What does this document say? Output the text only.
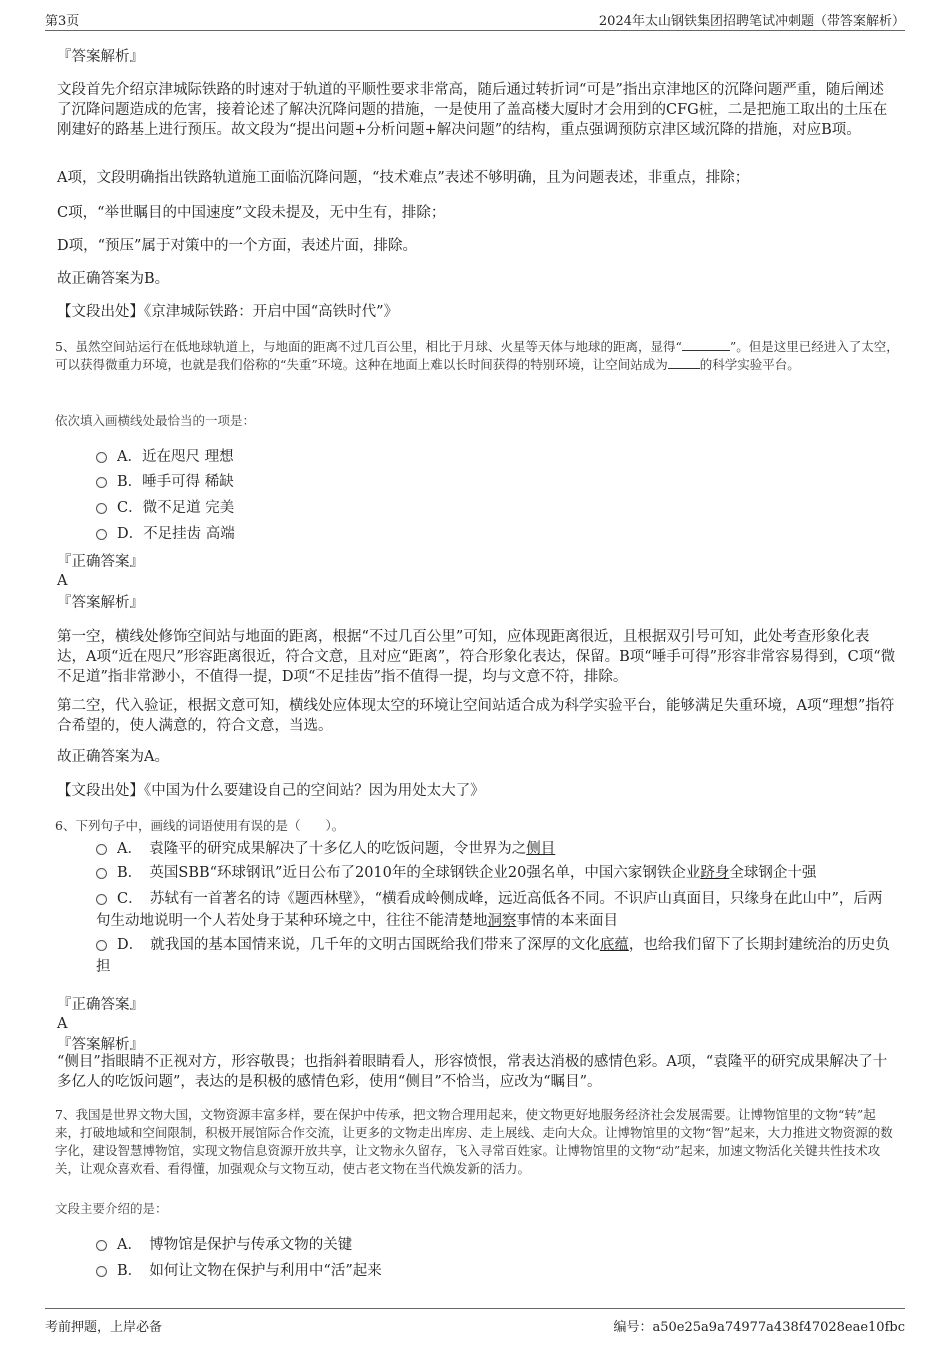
第3页	2024年太山钢铁集团招聘笔试冲刺题（带答案解析）
『答案解析』

文段首先介绍京津城际铁路的时速对于轨道的平顺性要求非常高，随后通过转折词“可是”指出京津地区的沉降问题严重，随后阐述了沉降问题造成的危害，接着论述了解决沉降问题的措施，一是使用了盖高楼大厦时才会用到的CFG桩，二是把施工取出的土压在刚建好的路基上进行预压。故文段为“提出问题+分析问题+解决问题”的结构，重点强调预防京津区域沉降的措施，对应B项。

A项，文段明确指出铁路轨道施工面临沉降问题，“技术难点”表述不够明确，且为问题表述，非重点，排除；

C项，“举世瞩目的中国速度”文段未提及，无中生有，排除；

D项，“预压”属于对策中的一个方面，表述片面，排除。

故正确答案为B。

【文段出处】《京津城际铁路：开启中国“高铁时代”》

5、虽然空间站运行在低地球轨道上，与地面的距离不过几百公里，相比于月球、火星等天体与地球的距离，显得“	”。但是这里已经进入了太空，可以获得微重力环境，也就是我们俗称的“失重”环境。这种在地面上难以长时间获得的特别环境，让空间站成为	的科学实验平台。

依次填入画横线处最恰当的一项是：

A．近在咫尺 理想
B．唾手可得 稀缺
C．微不足道 完美
D．不足挂齿 高端
『正确答案』
A
『答案解析』

第一空，横线处修饰空间站与地面的距离，根据“不过几百公里”可知，应体现距离很近，且根据双引号可知，此处考查形象化表达，A项“近在咫尺”形容距离很近，符合文意，且对应“距离”，符合形象化表达，保留。B项“唾手可得”形容非常容易得到，C项“微不足道”指非常渺小，不值得一提，D项“不足挂齿”指不值得一提，均与文意不符，排除。

第二空，代入验证，根据文意可知，横线处应体现太空的环境让空间站适合成为科学实验平台，能够满足失重环境，A项“理想”指符合希望的，使人满意的，符合文意，当选。

故正确答案为A。

【文段出处】《中国为什么要建设自己的空间站？因为用处太大了》

6、下列句子中，画线的词语使用有误的是（　　）。

A．　袁隆平的研究成果解决了十多亿人的吃饭问题，令世界为之侧目
B．　英国SBB“环球钢讯”近日公布了2010年的全球钢铁企业20强名单，中国六家钢铁企业跻身全球钢企十强
C．　苏轼有一首著名的诗《题西林壁》，“横看成岭侧成峰，远近高低各不同。不识庐山真面目，只缘身在此山中”，后两句生动地说明一个人若处身于某种环境之中，往往不能清楚地洞察事情的本来面目
D．　就我国的基本国情来说，几千年的文明古国既给我们带来了深厚的文化底蕴，也给我们留下了长期封建统治的历史负担
『正确答案』
A
『答案解析』

“侧目”指眼睛不正视对方，形容敬畏；也指斜着眼睛看人，形容愤恨，常表达消极的感情色彩。A项，“袁隆平的研究成果解决了十多亿人的吃饭问题”，表达的是积极的感情色彩，使用“侧目”不恰当，应改为“瞩目”。

7、我国是世界文物大国，文物资源丰富多样，要在保护中传承，把文物合理用起来，使文物更好地服务经济社会发展需要。让博物馆里的文物“转”起来，打破地域和空间限制，积极开展馆际合作交流，让更多的文物走出库房、走上展线、走向大众。让博物馆里的文物“智”起来，大力推进文物资源的数字化，建设智慧博物馆，实现文物信息资源开放共享，让文物永久留存，飞入寻常百姓家。让博物馆里的文物“动”起来，加速文物活化关键共性技术攻关，让观众喜欢看、看得懂，加强观众与文物互动，使古老文物在当代焕发新的活力。

文段主要介绍的是：

A．　博物馆是保护与传承文物的关键
B．　如何让文物在保护与利用中“活”起来
考前押题，上岸必备	编号：a50e25a9a74977a438f47028eae10fbc
